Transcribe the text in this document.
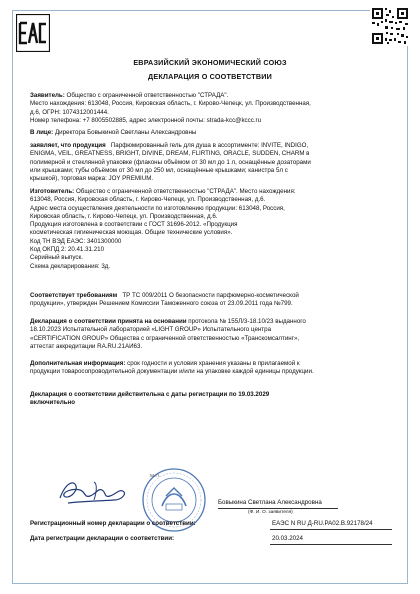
ЕВРАЗИЙСКИЙ ЭКОНОМИЧЕСКИЙ СОЮЗ
ДЕКЛАРАЦИЯ О СООТВЕТСТВИИ
Заявитель: Общество с ограниченной ответственностью "СТРАДА".
Место нахождения: 613048, Россия, Кировская область, г. Кирово-Чепецк, ул. Производственная,
д.6, ОГРН: 1074312001444.
Номер телефона: +7 8005502885, адрес электронной почты: strada-kcc@kccc.ru
В лице: Директора Бовыкиной Светланы Александровны
заявляет, что продукция Парфюмированный гель для душа в ассортименте: INVITE, INDIGO,
ENIGMA, VEIL, GREATNESS, BRIGHT, DIVINE, DREAM, FLIRTING, ORACLE, SUDDEN, CHARM в
полимерной и стеклянной упаковке (флаконы объёмом от 30 мл до 1 л, оснащённые дозаторами
или крышками; тубы объёмом от 30 мл до 250 мл, оснащённые крышками; канистра 5л с
крышкой), торговая марка: JOY PREMIUM.
Изготовитель: Общество с ограниченной ответственностью "СТРАДА". Место нахождения:
613048, Россия, Кировская область, г. Кирово-Чепецк, ул. Производственная, д.6.
Адрес места осуществления деятельности по изготовлению продукции: 613048, Россия,
Кировская область, г. Кирово-Чепецк, ул. Производственная, д.6.
Продукция изготовлена в соответствии с ГОСТ 31696-2012. «Продукция
косметическая гигиеническая моющая. Общие технические условия».
Код ТН ВЭД ЕАЭС: 3401300000
Код ОКПД 2: 20.41.31.210
Серийный выпуск.
Схема декларирования: 3д.
Соответствует требованиям ТР ТС 009/2011 О безопасности парфюмерно-косметической
продукции», утвержден Решением Комиссии Таможенного союза от 23.09.2011 года №799.
Декларация о соответствии принята на основании протокола № 155Л/3-18.10/23 выданного
18.10.2023 Испытательной лабораторией «LIGHT GROUP» Испытательного центра
«CERTIFICATION GROUP» Общества с ограниченной ответственностью «Транскомсалтинг»,
аттестат аккредитации RA.RU.21АИ63.
Дополнительная информация: срок годности и условия хранения указаны в прилагаемой к
продукции товаросопроводительной документации и/или на упаковке каждой единицы продукции.
Декларация о соответствии действительна с даты регистрации по 19.03.2029
включительно
М.П.
Бовыкина Светлана Александровна
(Ф. И. О. заявителя)
Регистрационный номер декларации о соответствии:	ЕАЭС N RU Д-RU.PA02.B.92178/24
Дата регистрации декларации о соответствии:	20.03.2024
